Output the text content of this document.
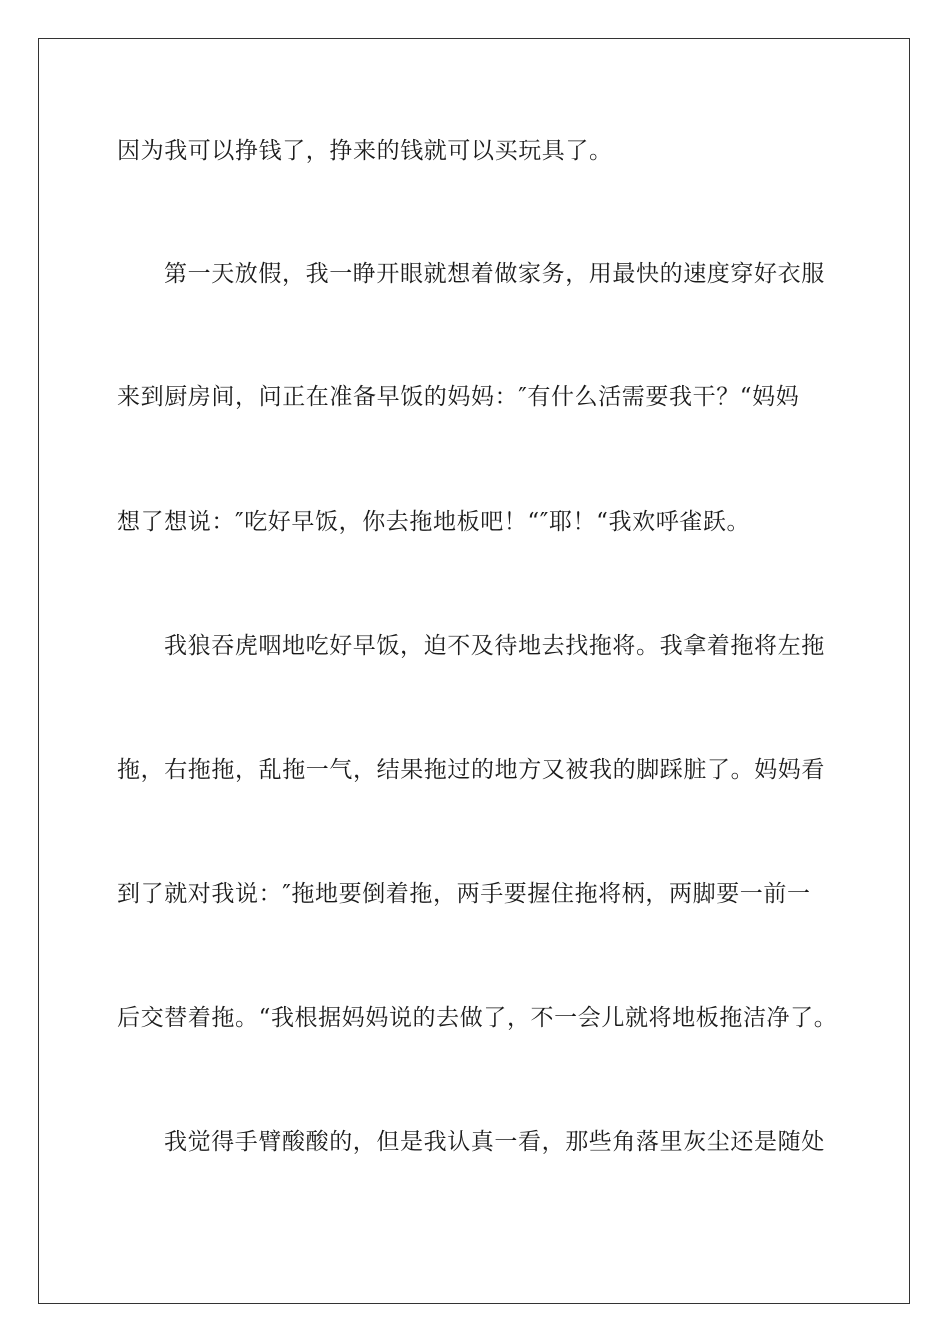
因为我可以挣钱了，挣来的钱就可以买玩具了。
第一天放假，我一睁开眼就想着做家务，用最快的速度穿好衣服
来到厨房间，问正在准备早饭的妈妈：″有什么活需要我干？“妈妈
想了想说：″吃好早饭，你去拖地板吧！“″耶！“我欢呼雀跃。
我狼吞虎咽地吃好早饭，迫不及待地去找拖将。我拿着拖将左拖
拖，右拖拖，乱拖一气，结果拖过的地方又被我的脚踩脏了。妈妈看
到了就对我说：″拖地要倒着拖，两手要握住拖将柄，两脚要一前一
后交替着拖。“我根据妈妈说的去做了，不一会儿就将地板拖洁净了。
我觉得手臂酸酸的，但是我认真一看，那些角落里灰尘还是随处
